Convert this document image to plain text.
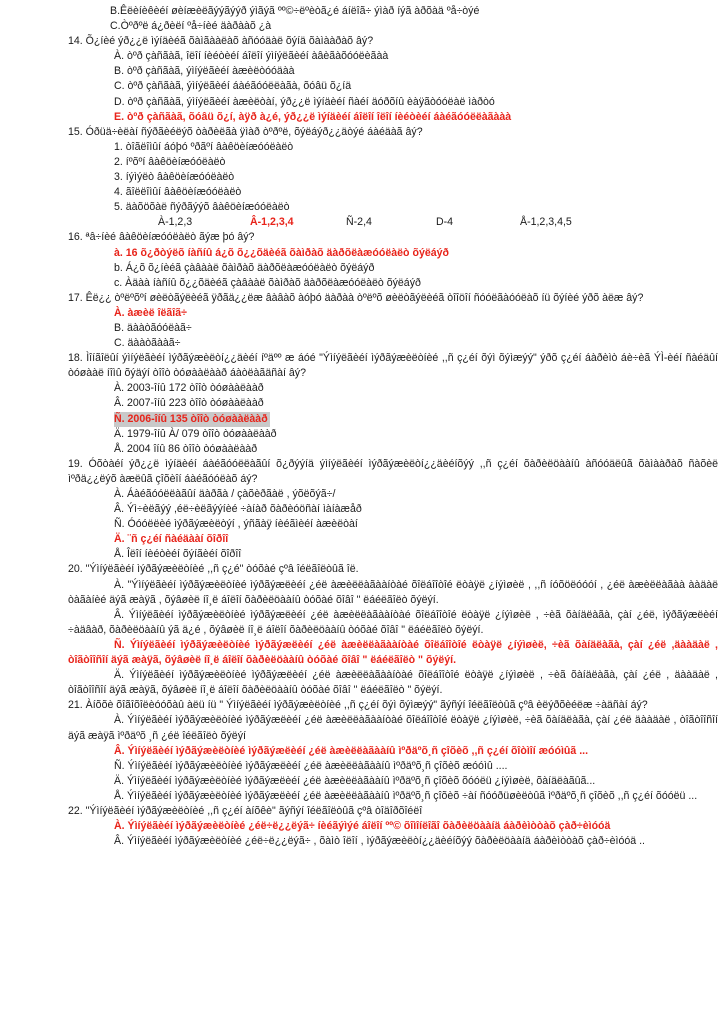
B.Êëèíèêèéí øèíæèëãýýãýýð ýìãýã ºº©÷ëºèòã¿é áíëîã÷ ýìàð íýã àðõàä ºå÷òýé
C.Òºðºë á¿ðèëí ºå÷íèé äàðààõ ¿à
14. Õ¿íèé ýð¿¿ë ìýíäèéã õàìãààëàõ àñóóäàë õýíä õàìààðàõ âý?
À. òºð çàñãàã, îëîí íèéòèéí áîëîí ýìíýëãèéí àâèãàõóóëèãàà
B. òºð çàñãàã, ýìíýëãèéí àæèëòóóäàà
C. òºð çàñãàã, ýìíýëãèéí áàéãóóëëàãà, õóâü õ¿íä
D. òºð çàñãàã, ýìíýëãèéí àæèëòàí, ýð¿¿ë ìýíäèéí ñàéí äóðõíû èàÿãòóóëàë ìàðòó
E. òºð çàñãàã, õóâü õ¿í, àÿð à¿é, ýð¿¿ë ìýíäèéí áîëîí îëîí íèéòèéí áàéãóóëëàãààà
15. Óðüä÷èëàí ñýðãèéëýõ òàðèëãà ÿìàð òºðºë, õýëáýð¿¿äòýé áàéäàã âý?
1. òîãëîìûí áóþó ºðãºí âàêöèíæóóëàëò
2. íºõºí âàêöèíæóóëàëò
3. íýìýëò âàêöèíæóóëàëò
4. ãîëëîìûí âàêöèíæóóëàëò
5. äàõöõàë ñýðãýýõ âàêöèíæóóëàëò
À-1,2,3	Â-1,2,3,4	Ñ-2,4	D-4	Å-1,2,3,4,5
16. ªâ÷íèé âàêöèíæóóëàëò ãýæ þó âý?
à. 16 õ¿ðòýëõ íàñíû á¿õ õ¿¿õäèéã õàìðàõ äàðõëàæóóëàëò õýëáýð
b. Á¿õ õ¿íèéã çàâààë õàìðàõ äàðõëàæóóëàëò õýëáýð
c. Àäàà íàñíû õ¿¿õäèéã çàâààë õàìðàõ äàðõëàæóóëàëò õýëáýð
17. Êë¿¿ òºëºõºí øèëòãýëèéã ÿðãä¿¿ëæ âàâàõ àóþó äàðàà òºëºõ øèëòãýëèéã òîîöîí ñóóëãàóóëàõ íü õýíèé ýðõ àëæ âý?
À. àæèë îëãîã÷
B. äààòãóóëàã÷
C. äààòãààã÷
18. Ìîíãîëûí ýìíýëãèéí ìýðãýæèëòí¿¿äèéí íºäºº æ áóé "Ýìíýëãèéí ìýðãýæèëòíèé ,,ñ ç¿éí õýì õýìæýý" ýðõ ç¿éí áàðèìò áè÷èã ÝÌ-èéí ñàéäûí òóøààë íîìû õýäýí òîîò òóøààëààð áàòëàãäñàí âý?
À. 2003-îíû 172 òîîò òóøààëààð
Â. 2007-îíû 223 òîîò òóøààëààð
Ñ. 2006-îíû 135 òîîò òóøààëààð
Ä. 1979-îíû À/ 079 òîîò òóøààëààð
Å. 2004 îíû 86 òîîò òóøààëààð
19. Óõòàéí ýð¿¿ë ìýíäèéí áàéãóóëëàãûí õ¿ðýýíä ýìíýëãèéí ìýðãýæèëòí¿¿äèéíõýý ,,ñ ç¿éí õàðèëöààíû àñóóäëûã õàìààðàõ ñàõèë ìºðä¿¿ëýõ àæëûã çîõèîí áàéãóóëàõ áý?
À. Áàéãóóëëàãûí äàðãà / çàõèðãàë , ýõëõýã÷/
Â. Ýì÷èëãýý ,éë÷èëãýýíèé ÷àíàð õàðèóöñàí ìàíàæåð
Ñ. Óóóëëèé ìýðãýæèëòýí , ýñãàÿ íèéãìèéí àæèëòàí
Ä. ¨ñ ç¿éí ñàéäààí õîðîî
Å. Îëîí íèéòèéí õýíãèéí õîðîî
20. "Ýìíýëãèéí ìýðãýæèëòíèé ,,ñ ç¿é" òóõàé çºâ îéëãîëòûã îë.
À. "Ýìíýëãèéí ìýðãýæèëòíèé ìýðãýæëèéí ¿éë àæèëëàãààíòàé õîëáîîòîé ëòàÿë ¿íýìøèë , ,,ñ íóõöëóóóí , ¿éë àæèëëàãàà ààäàë òàãàíèé äýã æàÿã , õýâøèë íî¸ë áîëîí õàðèëöààíû òóõàé õîâî " ëáéëãîëò õýëýí.
Â. Ýìíýëãèéí ìýðãýæèëòíèé ìýðãýæëèéí ¿éë àæèëëàãààíòàé õîëáîîòîé ëòàÿë ¿íýìøèë , ÷èã õàíäëàãà, çàí ¿éë, ìýðãýæëèéí ÷àäâàð, õàðèëöààíû ýã ä¿é , õýâøèë íî¸ë áîëîí õàðèëöààíû òóõàé õîâî " ëáéëãîëò õýëýí.
Ñ. Ýìíýëãèéí ìýðãýæèëòíèé ìýðãýæëèéí ¿éë àæèëëàãààíòàé õîëáîîòîé ëòàÿë ¿íýìøèë, ÷èã õàíäëàãà, çàí ¿éë ,äààäàë , òîãòîîñîí äýã æàÿã, õýâøèë íî¸ë áîëîí õàðèëöààíû òóõàé õîâî " ëáéëãîëò " õýëýí.
Ä. Ýìíýëãèéí ìýðãýæèëòíèé ìýðãýæëèéí ¿éë àæèëëàãààíòàé õîëáîîòîé ëòàÿë ¿íýìøèë , ÷èã õàíäëàãà, çàí ¿éë , äààäàë , òîãòîîñîí äýã æàÿã, õýâøèë íî¸ë áîëîí õàðèëöààíû òóõàé õîâî " ëáéëãîëò " õýëýí.
21. Àíõõè õîãîõîëèóóõàû àëü íü " Ýìíýëãèéí ìýðãýæèëòíèé ,,ñ ç¿éí õýì õýìæýý" ãýñýí îéëãîëòûã çºâ èëýðõèéëæ ÷àäñàí áý?
À. Ýìíýëãèéí ìýðãýæèëòíèé ìýðãýæëèéí ¿éë àæèëëàãààíòàé õîëáîîòîé ëòàÿë ¿íýìøèë, ÷èã õàíäëàãà, çàí ¿éë äààäàë , òîãòîîñîí äýã æàÿã ìºðäºõ ¸ñ ¿éë îéëãîëò õýëýí
Â. Ýìíýëãèéí ìýðãýæèëòíèé ìýðãýæëèéí ¿éë àæèëëàãààíû ìºðäºõ¸ñ çîõèõ ,,ñ ç¿éí õîòìîí æóóìûã ...
Ñ. Ýìíýëãèéí ìýðãýæèëòíèé ìýðãýæëèéí ¿éë àæèëëàãààíû ìºðäºõ¸ñ çîõèõ æóóìû ....
Ä. Ýìíýëãèéí ìýðãýæèëòíèé ìýðãýæëèéí ¿éë àæèëëàãààíû ìºðäºõ¸ñ çîõèõ õóóëü ¿íýìøèë, õàíäëàãûã...
Å. Ýìíýëãèéí ìýðãýæèëòíèé ìýðãýæëèéí ¿éë àæèëëàãààíû ìºðäºõ¸ñ çîõèõ ÷àí ñóóðüøèëòûã ìºðäºõ¸ñ çîõèõ ,,ñ ç¿éí õóóëü ...
22. "Ýìíýëãèéí ìýðãýæèëòíèé ,,ñ ç¿éí àíõêè" ãýñýí îéëãîëòûã çºâ òîäîðõîéëî
À. Ýìíýëãèéí ìýðãýæèëòíèé ¿éë÷ë¿¿ëýã÷ íèéãýìýé áîëîí ºº© õîìîíëîãî õàðèëöààíä áàðèìòòàõ çàð÷èìóóä
Â. Ýìíýëãèéí ìýðãýæèëòíèé ¿éë÷ë¿¿ëýã÷ , õàìò îëîí , ìýðãýæèëòí¿¿äèéíõýý õàðèëöààíä áàðèìòòàõ çàð÷èìóóä ..
